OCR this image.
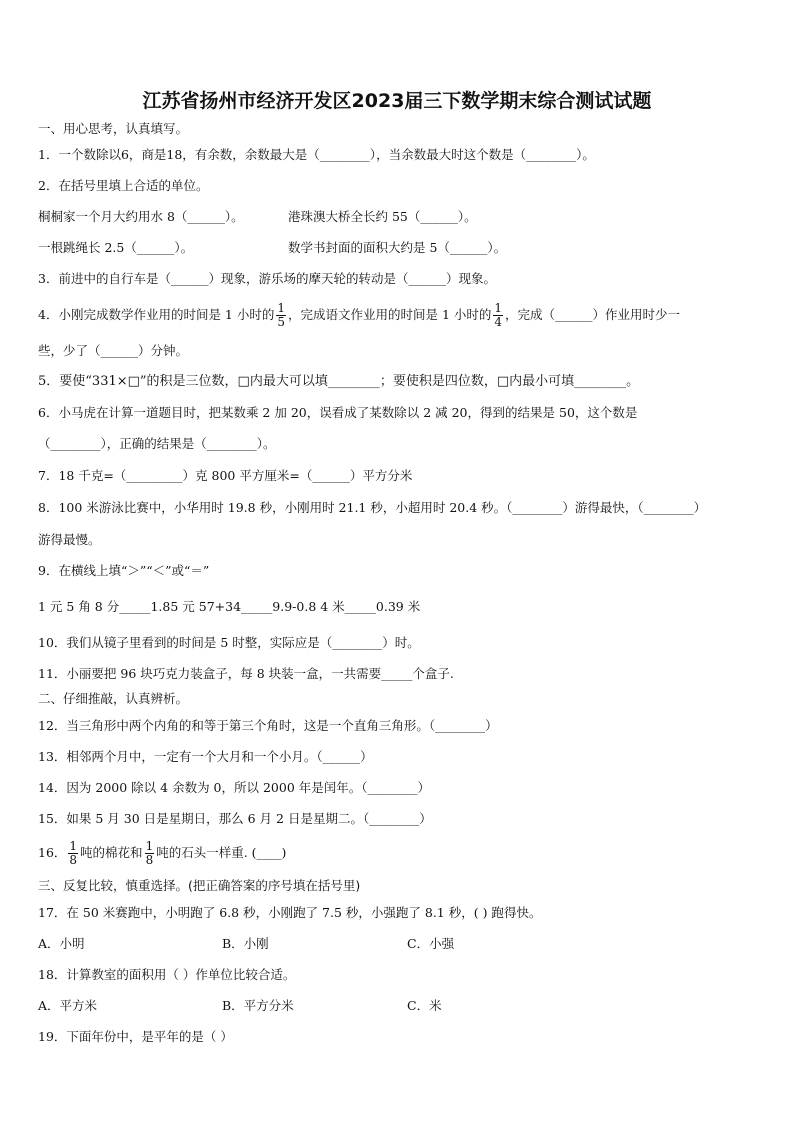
江苏省扬州市经济开发区2023届三下数学期末综合测试试题
一、用心思考，认真填写。
1．一个数除以6，商是18，有余数，余数最大是（________），当余数最大时这个数是（________）。
2．在括号里填上合适的单位。
桐桐家一个月大约用水 8（______）。	港珠澳大桥全长约 55（______）。
一根跳绳长 2.5（______）。	数学书封面的面积大约是 5（______）。
3．前进中的自行车是（______）现象，游乐场的摩天轮的转动是（______）现象。
4．小刚完成数学作业用的时间是 1 小时的 $\frac{1}{5}$ ，完成语文作业用的时间是 1 小时的 $\frac{1}{4}$ ，完成（______）作业用时少一
些，少了（______）分钟。
5．要使“331×□”的积是三位数，□内最大可以填________；要使积是四位数，□内最小可填________。
6．小马虎在计算一道题目时，把某数乘 2 加 20，误看成了某数除以 2 减 20，得到的结果是 50，这个数是
（________），正确的结果是（________）。
7．18 千克=（_________）克 800 平方厘米=（______）平方分米
8．100 米游泳比赛中，小华用时 19.8 秒，小刚用时 21.1 秒，小超用时 20.4 秒。（________）游得最快，（________）
游得最慢。
9．在横线上填“＞”“＜”或“＝”
1 元 5 角 8 分_____1.85 元 57+34_____9.9-0.8 4 米_____0.39 米
10．我们从镜子里看到的时间是 5 时整，实际应是（________）时。
11．小丽要把 96 块巧克力装盒子，每 8 块装一盒，一共需要_____个盒子.
二、仔细推敲，认真辨析。
12．当三角形中两个内角的和等于第三个角时，这是一个直角三角形。（________）
13．相邻两个月中，一定有一个大月和一个小月。（______）
14．因为 2000 除以 4 余数为 0，所以 2000 年是闰年。（________）
15．如果 5 月 30 日是星期日，那么 6 月 2 日是星期二。（________）
16． $\frac{1}{8}$ 吨的棉花和 $\frac{1}{8}$ 吨的石头一样重. (____)
三、反复比较，慎重选择。(把正确答案的序号填在括号里)
17．在 50 米赛跑中，小明跑了 6.8 秒，小刚跑了 7.5 秒，小强跑了 8.1 秒，( ) 跑得快。
A．小明	B．小刚	C．小强
18．计算教室的面积用（ ）作单位比较合适。
A．平方米	B．平方分米	C．米
19．下面年份中，是平年的是（ ）
